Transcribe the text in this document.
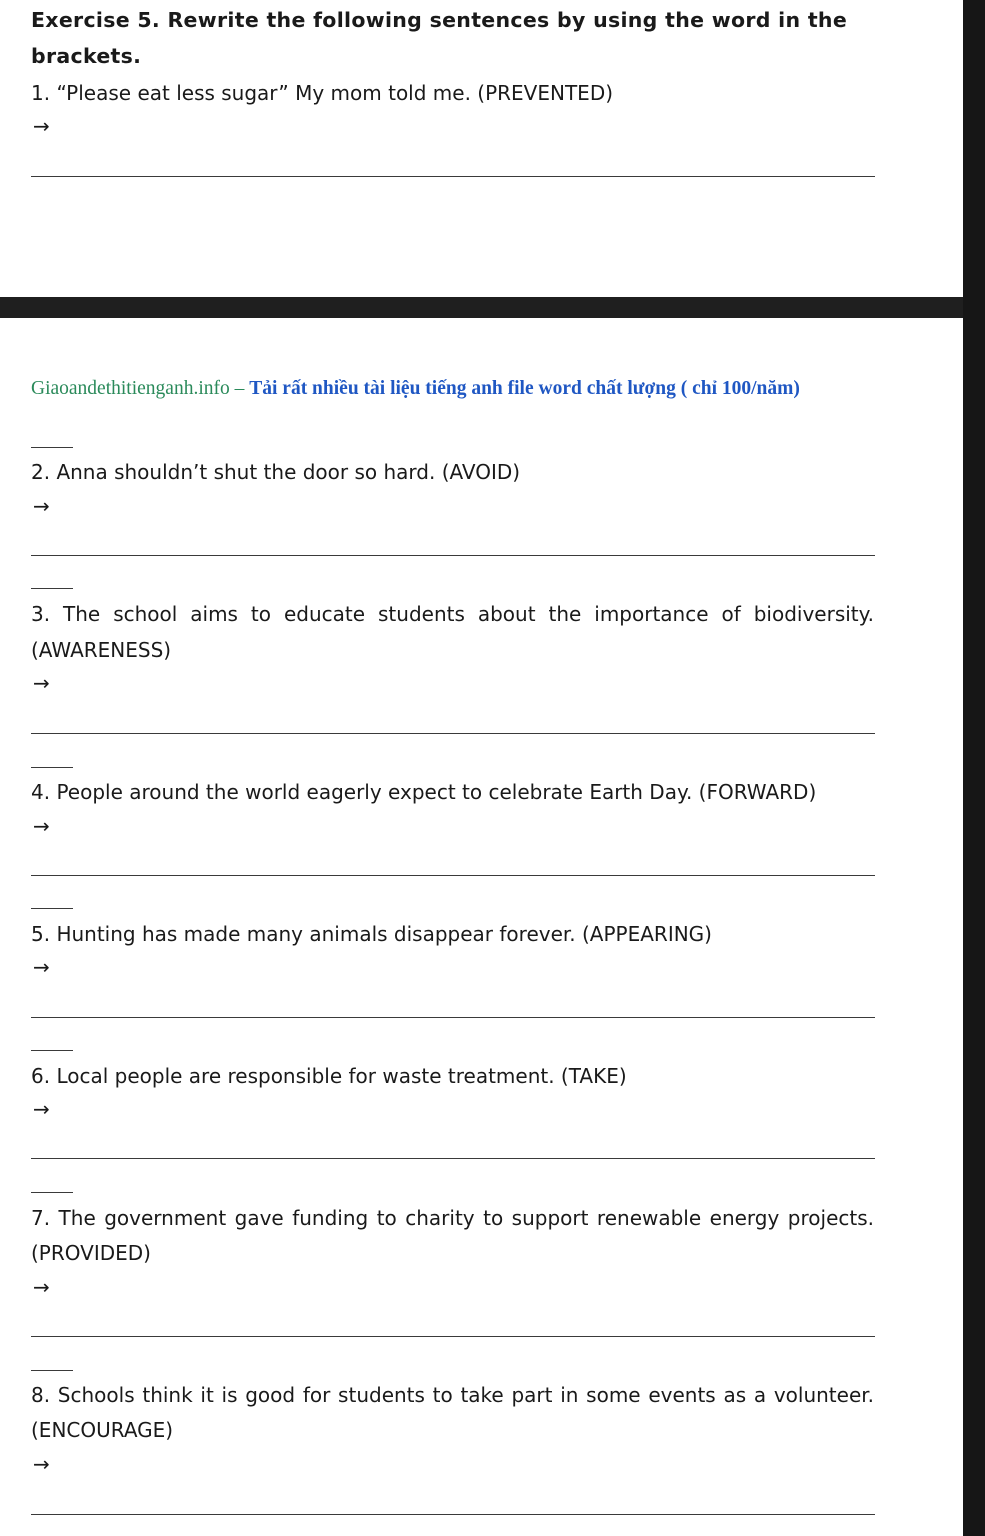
Exercise 5. Rewrite the following sentences by using the word in the
brackets.
1. “Please eat less sugar” My mom told me. (PREVENTED)
→
Giaoandethitienganh.info – Tải rất nhiều tài liệu tiếng anh file word chất lượng ( chỉ 100/năm)
2. Anna shouldn’t shut the door so hard. (AVOID)
→
3. The school aims to educate students about the importance of biodiversity.
(AWARENESS)
→
4. People around the world eagerly expect to celebrate Earth Day. (FORWARD)
→
5. Hunting has made many animals disappear forever. (APPEARING)
→
6. Local people are responsible for waste treatment. (TAKE)
→
7. The government gave funding to charity to support renewable energy projects.
(PROVIDED)
→
8. Schools think it is good for students to take part in some events as a volunteer.
(ENCOURAGE)
→
